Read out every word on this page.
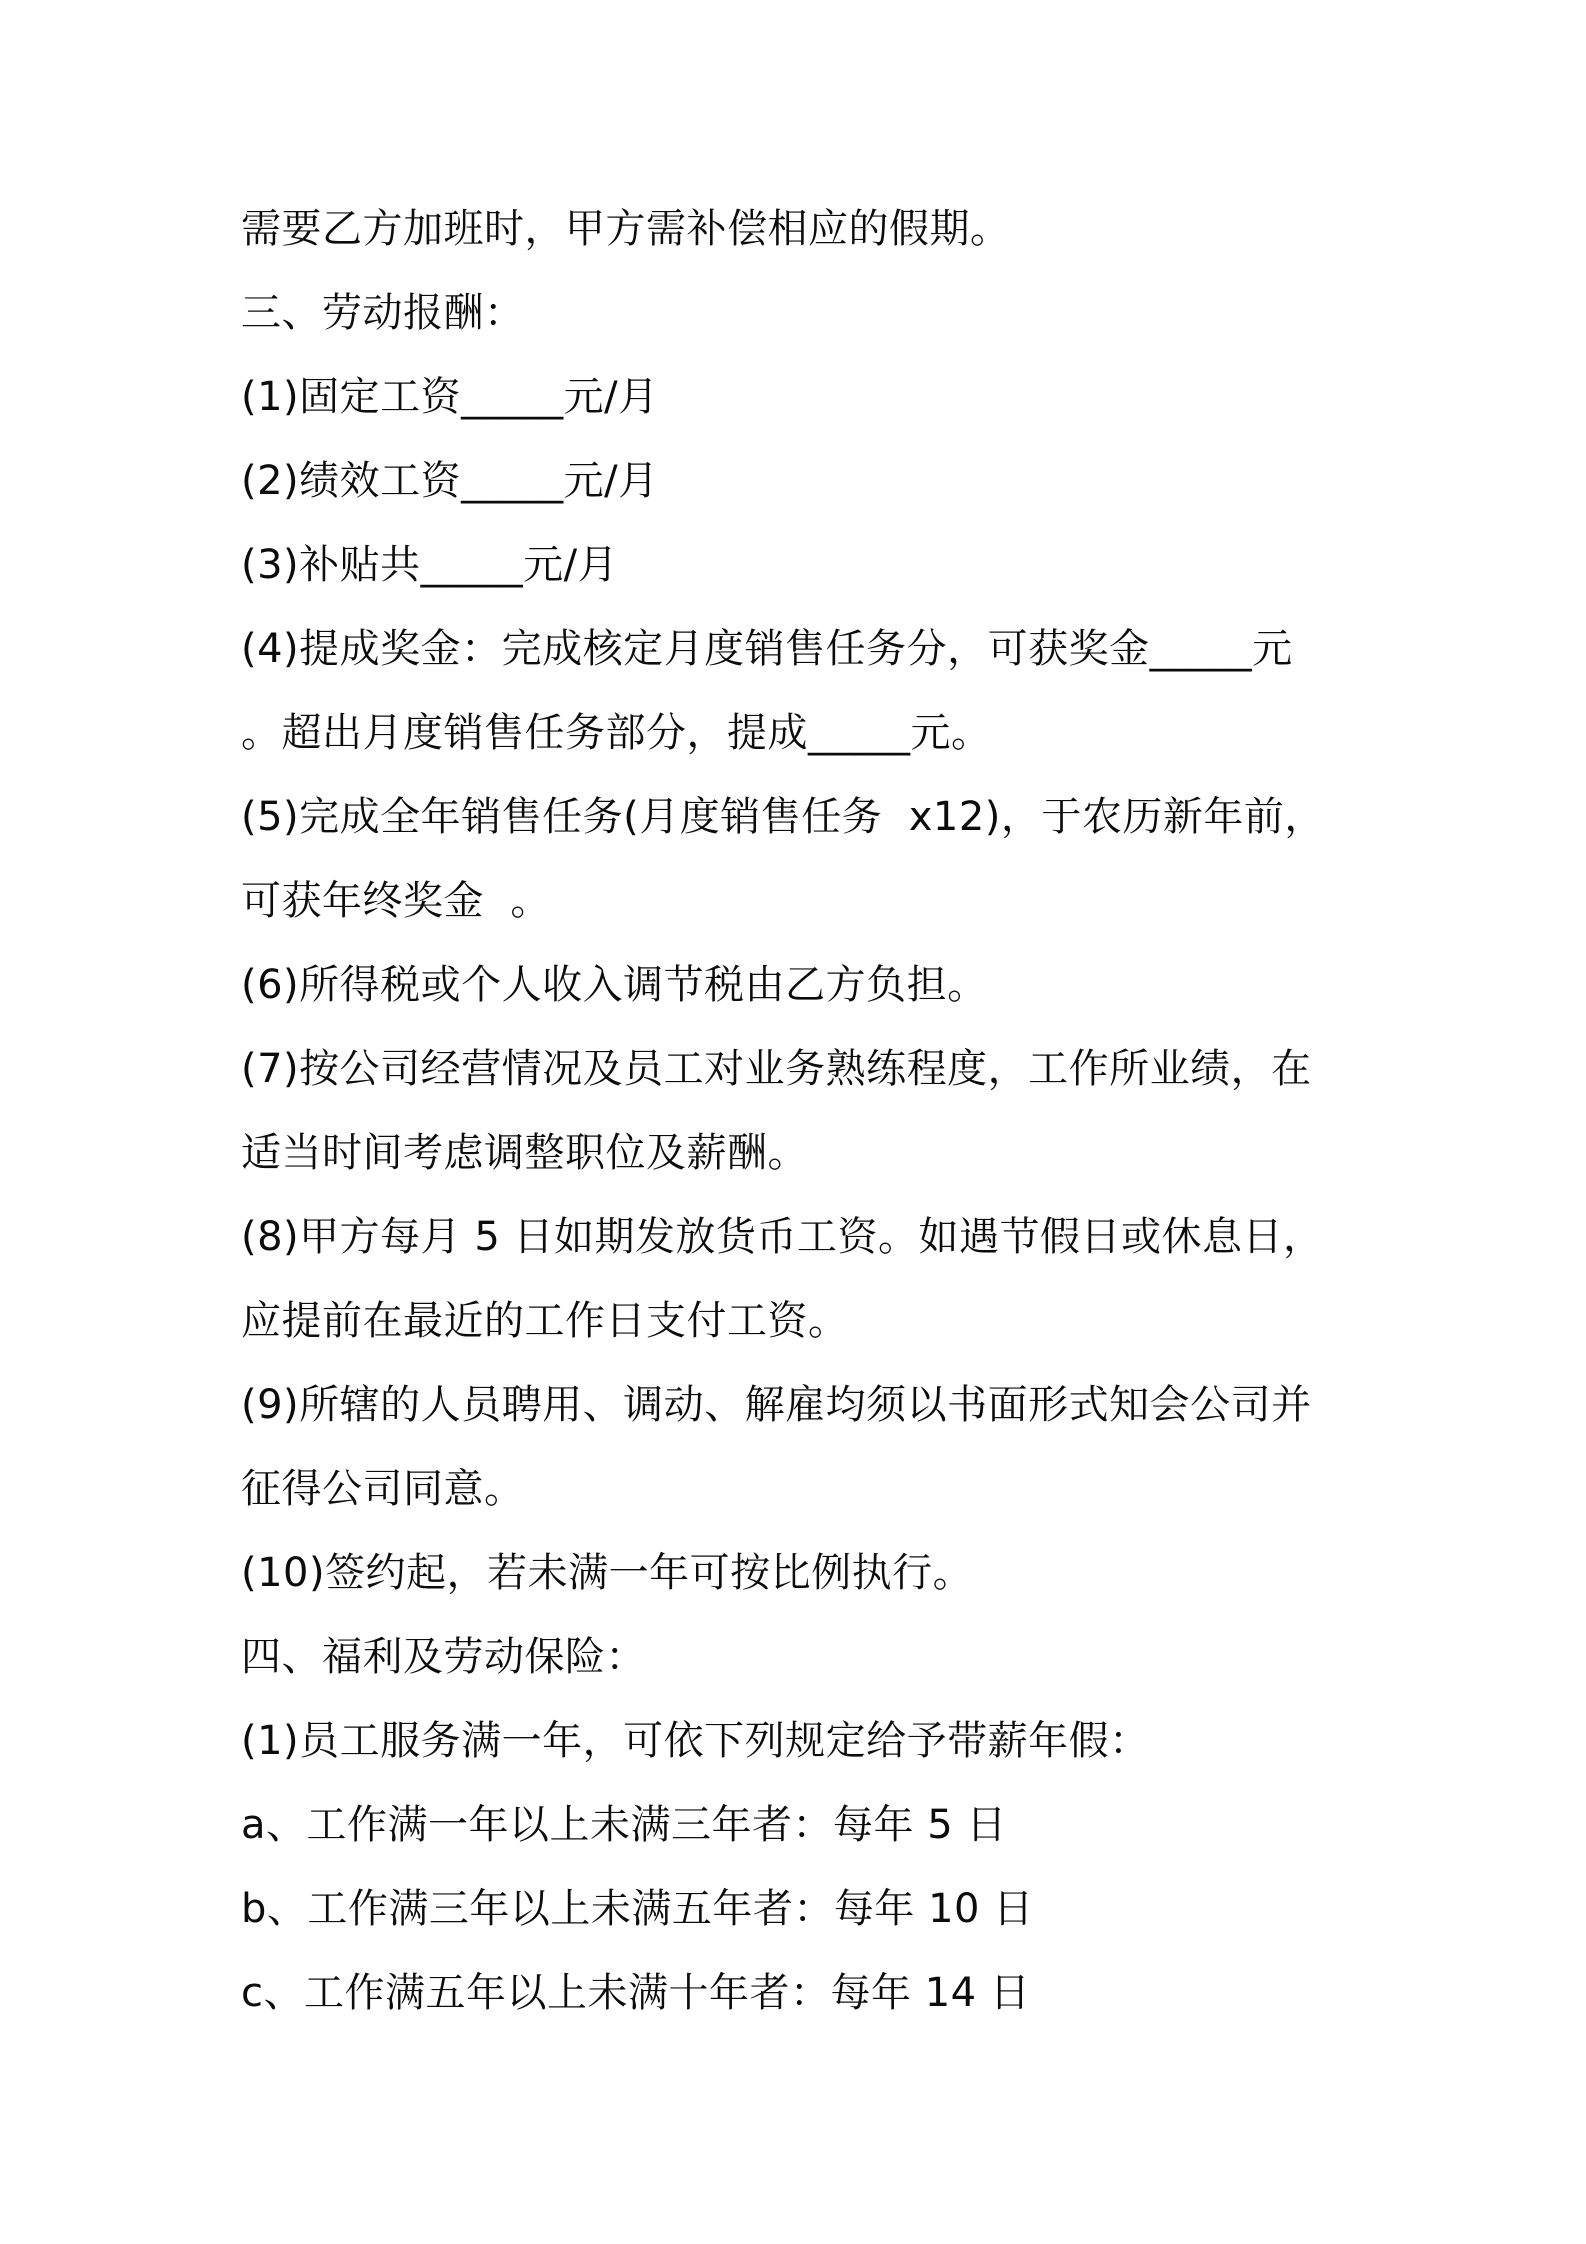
需要乙方加班时，甲方需补偿相应的假期。
三、劳动报酬：
(1)固定工资_____元/月
(2)绩效工资_____元/月
(3)补贴共_____元/月
(4)提成奖金：完成核定月度销售任务分，可获奖金_____元
。超出月度销售任务部分，提成_____元。
(5)完成全年销售任务(月度销售任务  x12)，于农历新年前，
可获年终奖金  。
(6)所得税或个人收入调节税由乙方负担。
(7)按公司经营情况及员工对业务熟练程度，工作所业绩，在
适当时间考虑调整职位及薪酬。
(8)甲方每月 5 日如期发放货币工资。如遇节假日或休息日，
应提前在最近的工作日支付工资。
(9)所辖的人员聘用、调动、解雇均须以书面形式知会公司并
征得公司同意。
(10)签约起，若未满一年可按比例执行。
四、福利及劳动保险：
(1)员工服务满一年，可依下列规定给予带薪年假：
a、工作满一年以上未满三年者：每年 5 日
b、工作满三年以上未满五年者：每年 10 日
c、工作满五年以上未满十年者：每年 14 日
